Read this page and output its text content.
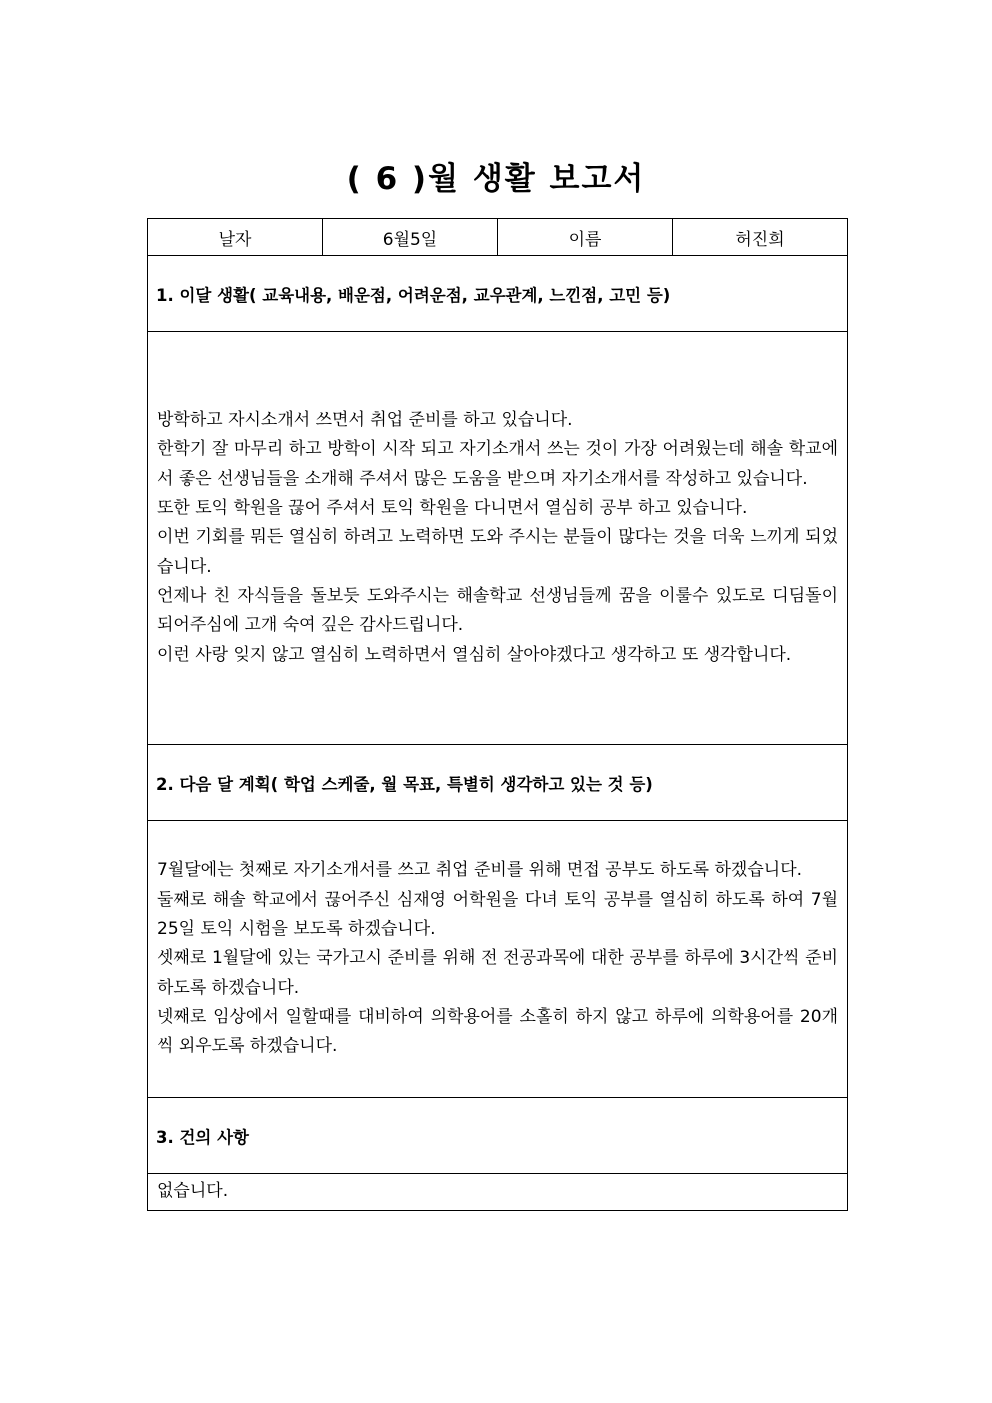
( 6 )월 생활 보고서
날자	6월5일	이름	허진희
1. 이달 생활( 교육내용, 배운점, 어려운점, 교우관계, 느낀점, 고민 등)

방학하고 자시소개서 쓰면서 취업 준비를 하고 있습니다.

한학기 잘 마무리 하고 방학이 시작 되고 자기소개서 쓰는 것이 가장 어려웠는데 해솔 학교에서 좋은 선생님들을 소개해 주셔서 많은 도움을 받으며 자기소개서를 작성하고 있습니다.

또한 토익 학원을 끊어 주셔서 토익 학원을 다니면서 열심히 공부 하고 있습니다.

이번 기회를 뭐든 열심히 하려고 노력하면 도와 주시는 분들이 많다는 것을 더욱 느끼게 되었습니다.

언제나 친 자식들을 돌보듯 도와주시는 해솔학교 선생님들께 꿈을 이룰수 있도로 디딤돌이 되어주심에 고개 숙여 깊은 감사드립니다.

이런 사랑 잊지 않고 열심히 노력하면서 열심히 살아야겠다고 생각하고 또 생각합니다.

2. 다음 달 계획( 학업 스케줄, 월 목표, 특별히 생각하고 있는 것 등)

7월달에는 첫째로 자기소개서를 쓰고 취업 준비를 위해 면접 공부도 하도록 하겠습니다.

둘째로 해솔 학교에서 끊어주신 심재영 어학원을 다녀 토익 공부를 열심히 하도록 하여 7월 25일 토익 시험을 보도록 하겠습니다.

셋째로 1월달에 있는 국가고시 준비를 위해 전 전공과목에 대한 공부를 하루에 3시간씩 준비하도록 하겠습니다.

넷째로 임상에서 일할때를 대비하여 의학용어를 소홀히 하지 않고 하루에 의학용어를 20개씩 외우도록 하겠습니다.

3. 건의 사항

없습니다.
